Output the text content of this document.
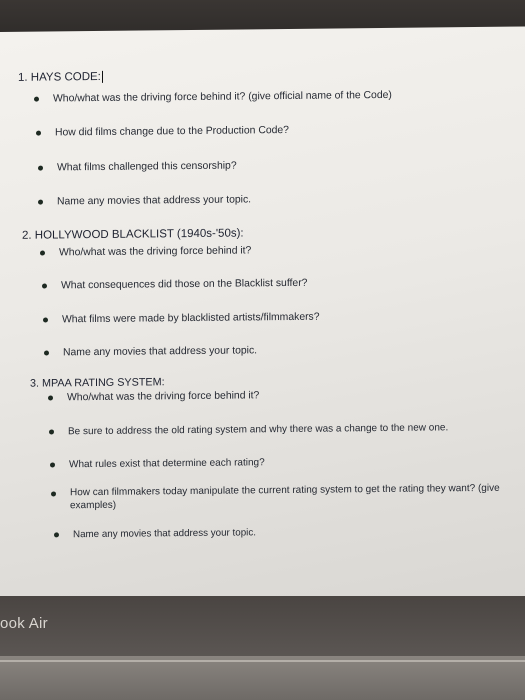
1. HAYS CODE:
Who/what was the driving force behind it? (give official name of the Code)
How did films change due to the Production Code?
What films challenged this censorship?
Name any movies that address your topic.
2. HOLLYWOOD BLACKLIST (1940s-'50s):
Who/what was the driving force behind it?
What consequences did those on the Blacklist suffer?
What films were made by blacklisted artists/filmmakers?
Name any movies that address your topic.
3. MPAA RATING SYSTEM:
Who/what was the driving force behind it?
Be sure to address the old rating system and why there was a change to the new one.
What rules exist that determine each rating?
How can filmmakers today manipulate the current rating system to get the rating they want? (give examples)
Name any movies that address your topic.
ook Air
